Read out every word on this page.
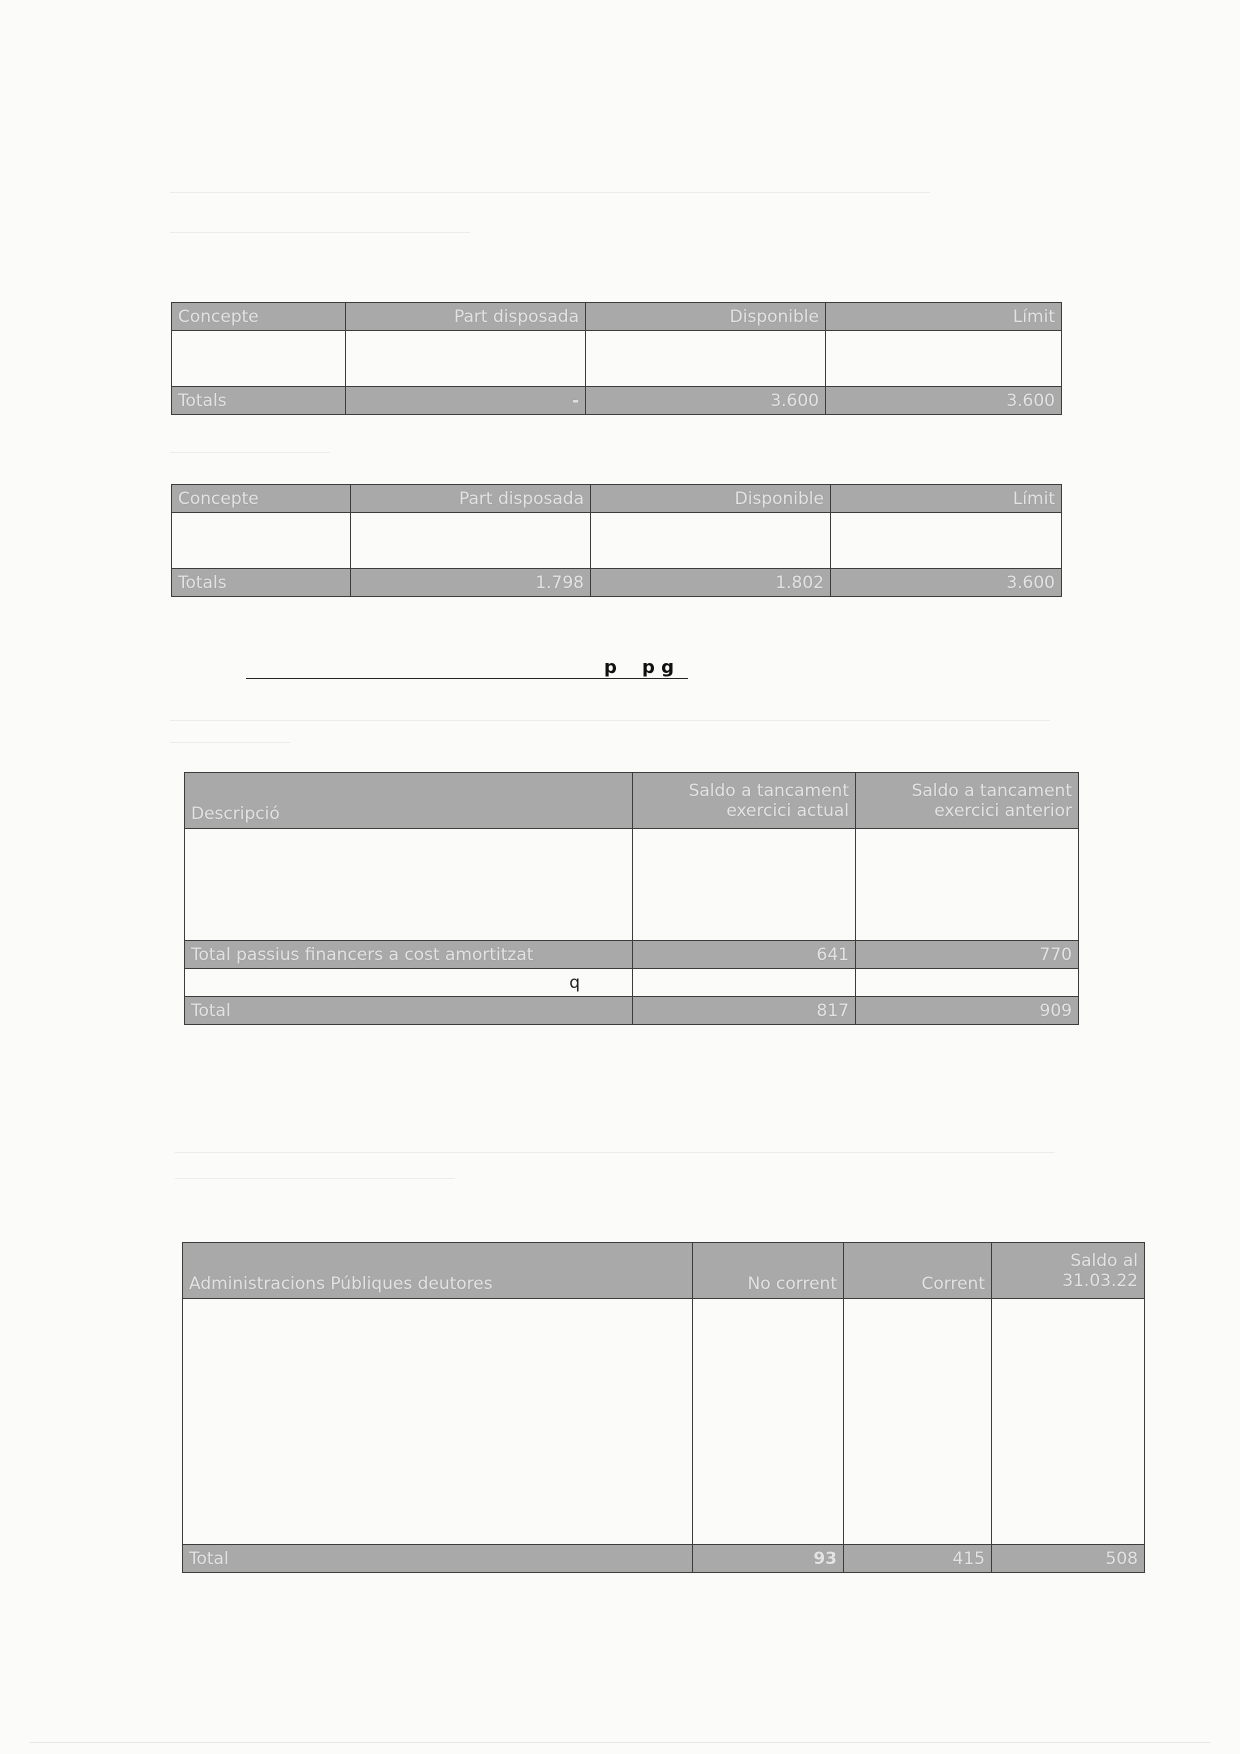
Concepte	Part disposada	Disponible	Límit

Totals	-	3.600	3.600
Concepte	Part disposada	Disponible	Límit

Totals	1.798	1.802	3.600
p    p g
Descripció	Saldo a tancament exercici actual	Saldo a tancament exercici anterior

Total passius financers a cost amortitzat	641	770
q		
Total	817	909
Administracions Públiques deutores	No corrent	Corrent	Saldo al 31.03.22

Total	93	415	508
